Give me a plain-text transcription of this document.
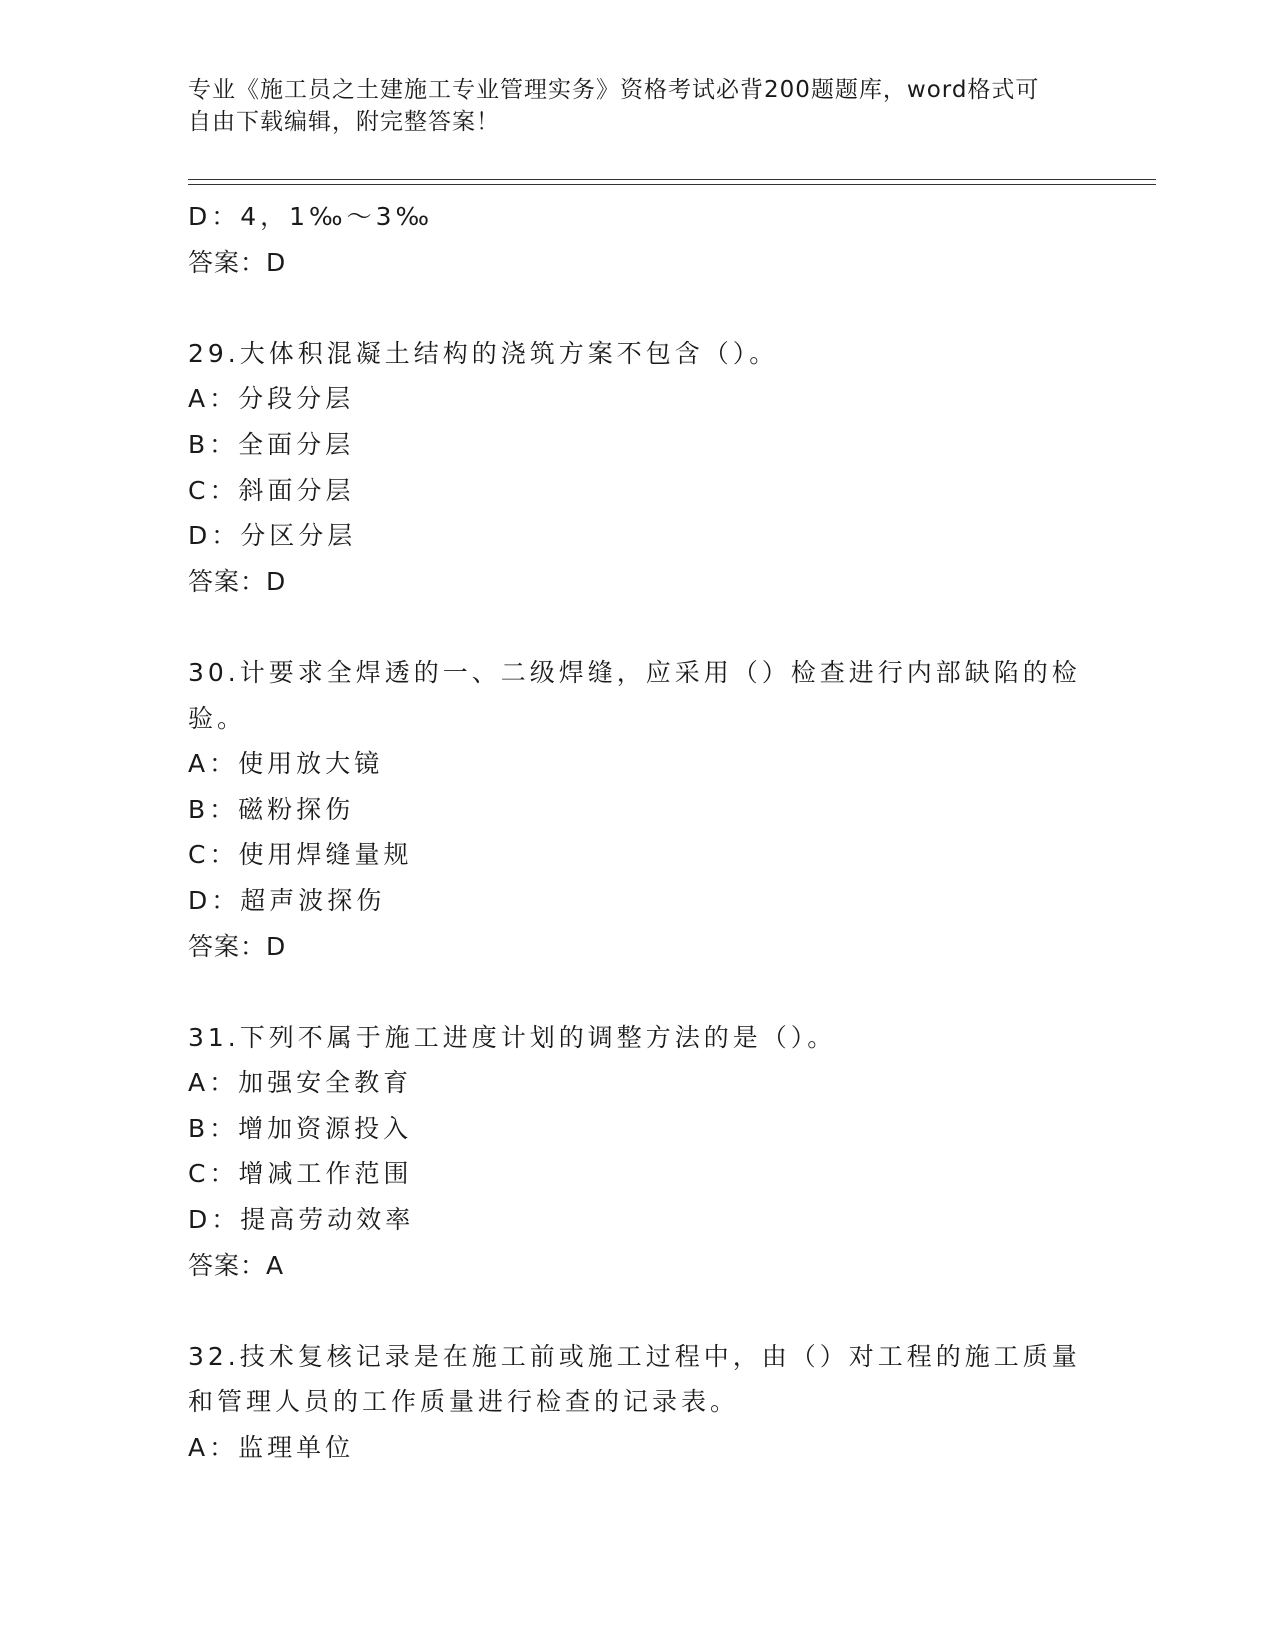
专业《施工员之土建施工专业管理实务》资格考试必背200题题库，word格式可
自由下载编辑，附完整答案！
D：4，1‰～3‰
答案：D
29.大体积混凝土结构的浇筑方案不包含（）。
A：分段分层
B：全面分层
C：斜面分层
D：分区分层
答案：D
30.计要求全焊透的一、二级焊缝，应采用（）检查进行内部缺陷的检
验。
A：使用放大镜
B：磁粉探伤
C：使用焊缝量规
D：超声波探伤
答案：D
31.下列不属于施工进度计划的调整方法的是（）。
A：加强安全教育
B：增加资源投入
C：增减工作范围
D：提高劳动效率
答案：A
32.技术复核记录是在施工前或施工过程中，由（）对工程的施工质量
和管理人员的工作质量进行检查的记录表。
A：监理单位
